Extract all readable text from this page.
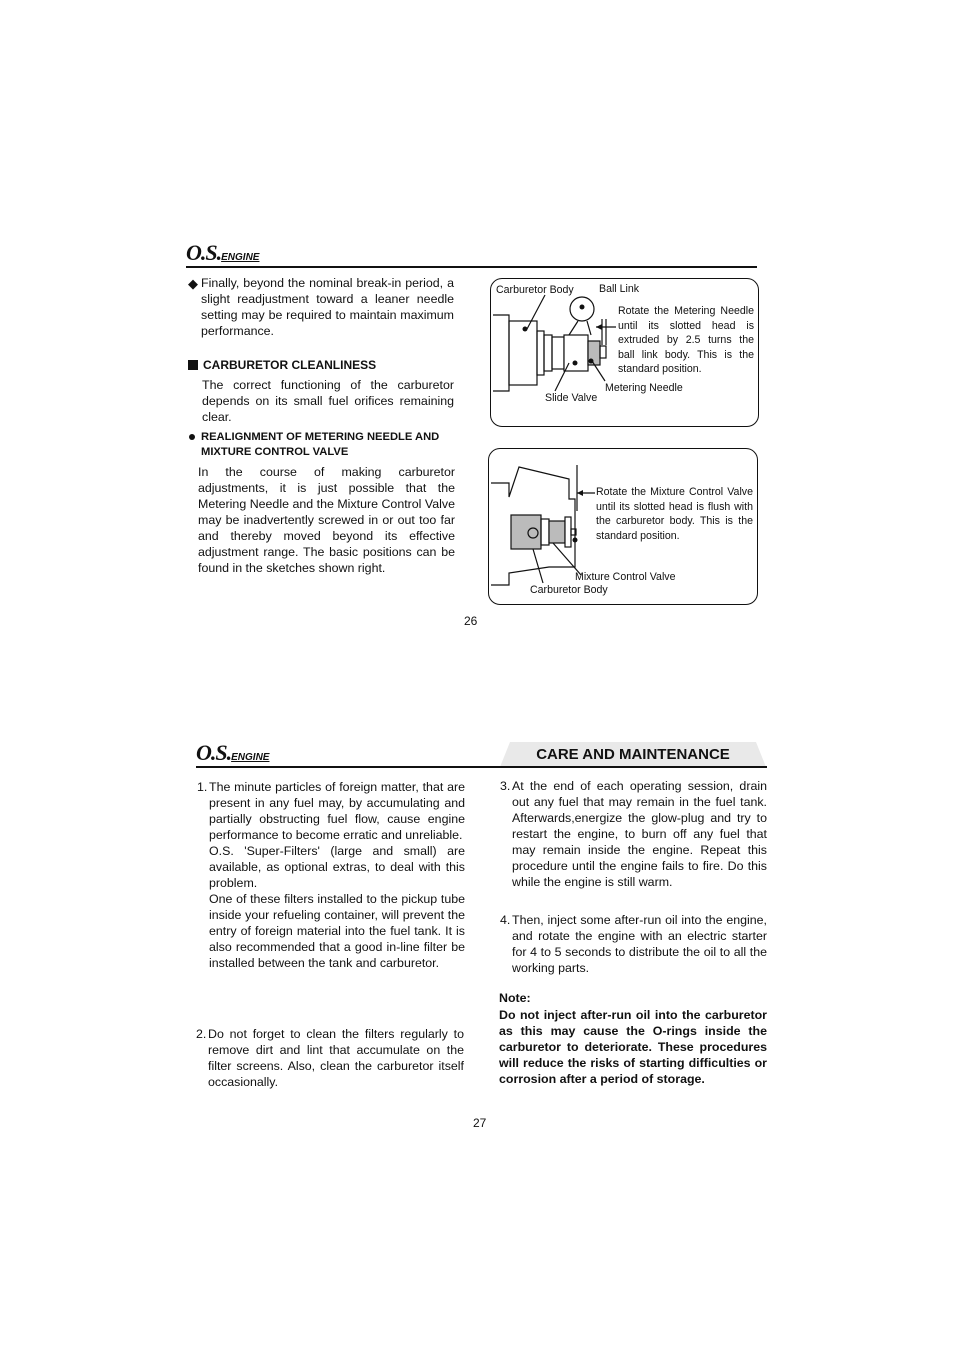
O.S.ENGINE
◆ Finally, beyond the nominal break-in period, a slight readjustment toward a leaner needle setting may be required to maintain maximum performance.

CARBURETOR CLEANLINESS

The correct functioning of the carburetor depends on its small fuel orifices remaining clear.

REALIGNMENT OF METERING NEEDLE AND

MIXTURE CONTROL VALVE

In the course of making carburetor adjustments, it is just possible that the Metering Needle and the Mixture Control Valve may be inadvertently screwed in or out too far and thereby moved beyond its effective adjustment range. The basic positions can be found in the sketches shown right.

Carburetor Body Ball Link
Rotate the Metering Needle until its slotted head is extruded by 2.5 turns the ball link body. This is the standard position.
Metering Needle
Slide Valve
Rotate the Mixture Control Valve until its slotted head is flush with the carburetor body. This is the standard position.
Mixture Control Valve
Carburetor Body
26
O.S.ENGINE	CARE AND MAINTENANCE
1. The minute particles of foreign matter, that are present in any fuel may, by accumulating and partially obstructing fuel flow, cause engine performance to become erratic and unreliable.
O.S. 'Super-Filters' (large and small) are available, as optional extras, to deal with this problem.
One of these filters installed to the pickup tube inside your refueling container, will prevent the entry of foreign material into the fuel tank. It is also recommended that a good in-line filter be installed between the tank and carburetor.
2. Do not forget to clean the filters regularly to remove dirt and lint that accumulate on the filter screens. Also, clean the carburetor itself occasionally.
3. At the end of each operating session, drain out any fuel that may remain in the fuel tank. Afterwards,energize the glow-plug and try to restart the engine, to burn off any fuel that may remain inside the engine. Repeat this procedure until the engine fails to fire. Do this while the engine is still warm.
4. Then, inject some after-run oil into the engine, and rotate the engine with an electric starter for 4 to 5 seconds to distribute the oil to all the working parts.
Note:
Do not inject after-run oil into the carburetor as this may cause the O-rings inside the carburetor to deteriorate. These procedures will reduce the risks of starting difficulties or corrosion after a period of storage.
27
